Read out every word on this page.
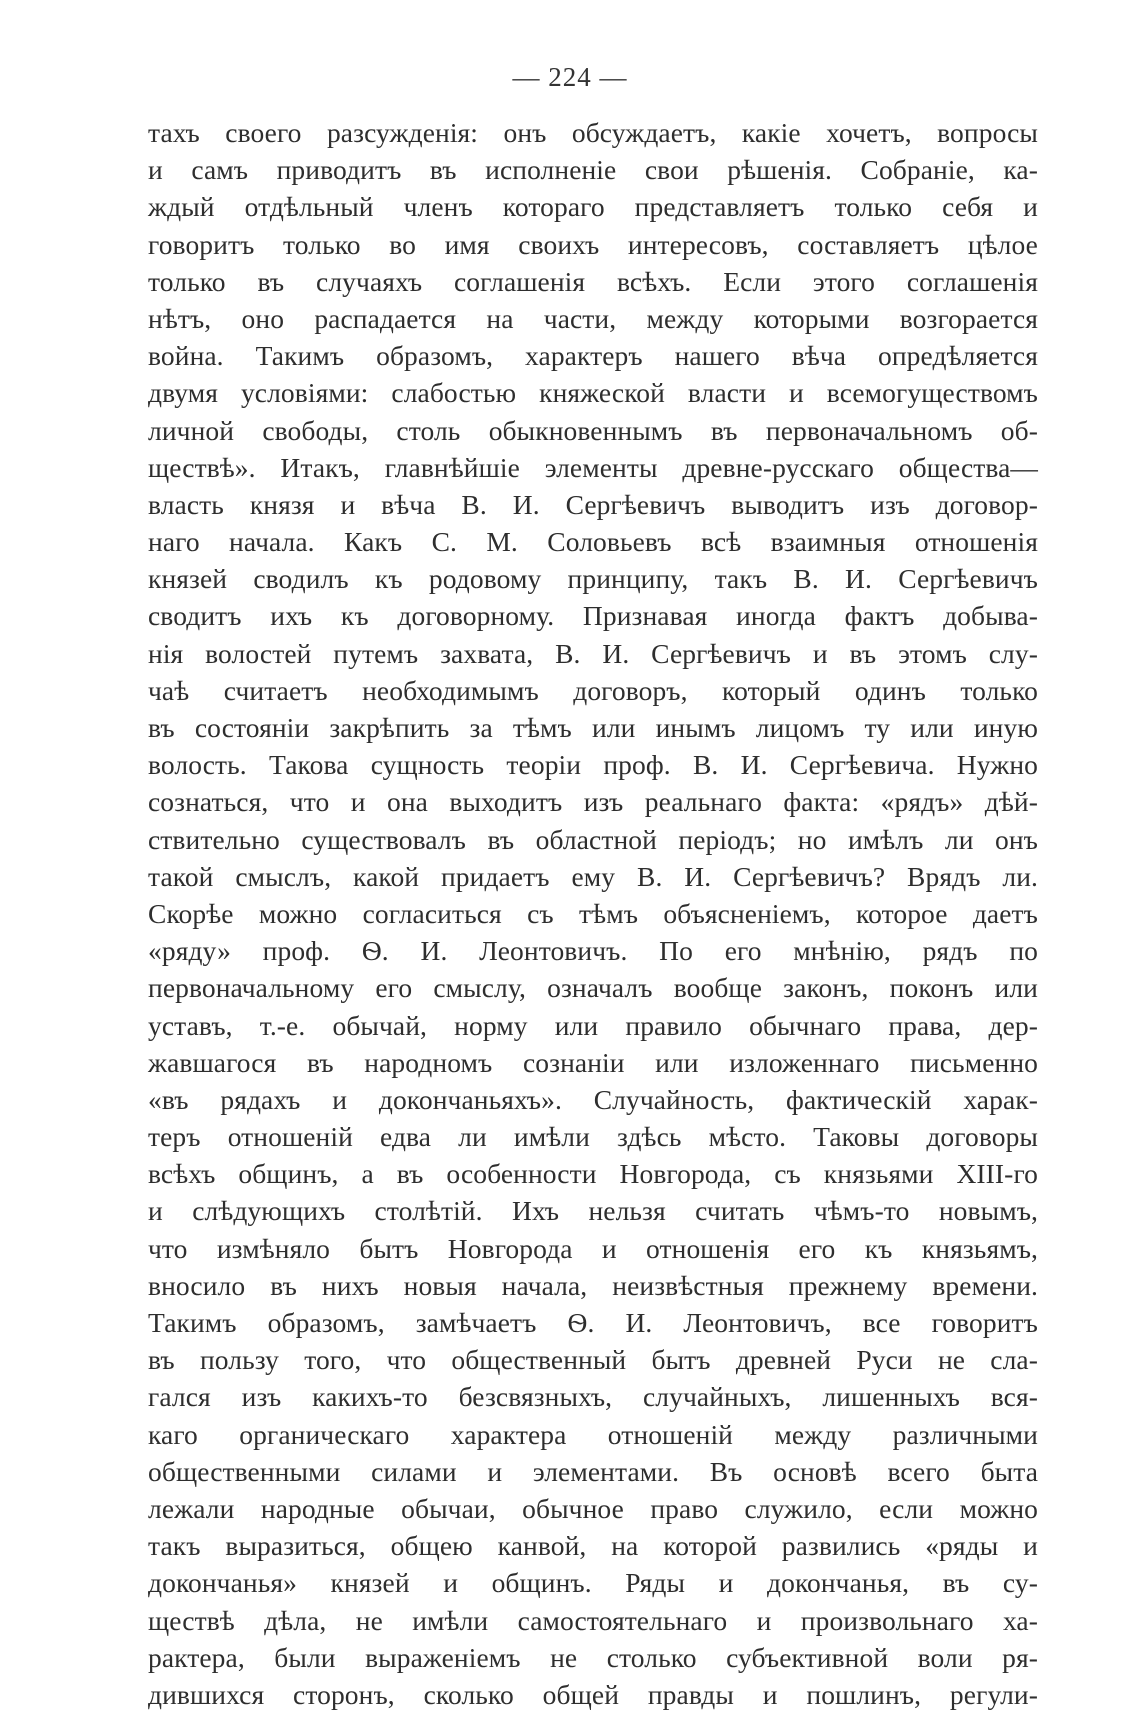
— 224 —
тахъ своего разсужденія: онъ обсуждаетъ, какіе хочетъ, вопросы
и самъ приводитъ въ исполненіе свои рѣшенія. Собраніе, ка-
ждый отдѣльный членъ котораго представляетъ только себя и
говоритъ только во имя своихъ интересовъ, составляетъ цѣлое
только въ случаяхъ соглашенія всѣхъ. Если этого соглашенія
нѣтъ, оно распадается на части, между которыми возгорается
война. Такимъ образомъ, характеръ нашего вѣча опредѣляется
двумя условіями: слабостью княжеской власти и всемогуществомъ
личной свободы, столь обыкновеннымъ въ первоначальномъ об-
ществѣ». Итакъ, главнѣйшіе элементы древне-русскаго общества—
власть князя и вѣча В. И. Сергѣевичъ выводитъ изъ договор-
наго начала. Какъ С. М. Соловьевъ всѣ взаимныя отношенія
князей сводилъ къ родовому принципу, такъ В. И. Сергѣевичъ
сводитъ ихъ къ договорному. Признавая иногда фактъ добыва-
нія волостей путемъ захвата, В. И. Сергѣевичъ и въ этомъ слу-
чаѣ считаетъ необходимымъ договоръ, который одинъ только
въ состояніи закрѣпить за тѣмъ или инымъ лицомъ ту или иную
волость. Такова сущность теоріи проф. В. И. Сергѣевича. Нужно
сознаться, что и она выходитъ изъ реальнаго факта: «рядъ» дѣй-
ствительно существовалъ въ областной періодъ; но имѣлъ ли онъ
такой смыслъ, какой придаетъ ему В. И. Сергѣевичъ? Врядъ ли.
Скорѣе можно согласиться съ тѣмъ объясненіемъ, которое даетъ
«ряду» проф. Ѳ. И. Леонтовичъ. По его мнѣнію, рядъ по
первоначальному его смыслу, означалъ вообще законъ, поконъ или
уставъ, т.-е. обычай, норму или правило обычнаго права, дер-
жавшагося въ народномъ сознаніи или изложеннаго письменно
«въ рядахъ и докончаньяхъ». Случайность, фактическій харак-
теръ отношеній едва ли имѣли здѣсь мѣсто. Таковы договоры
всѣхъ общинъ, а въ особенности Новгорода, съ князьями XIII-го
и слѣдующихъ столѣтій. Ихъ нельзя считать чѣмъ-то новымъ,
что измѣняло бытъ Новгорода и отношенія его къ князьямъ,
вносило въ нихъ новыя начала, неизвѣстныя прежнему времени.
Такимъ образомъ, замѣчаетъ Ѳ. И. Леонтовичъ, все говоритъ
въ пользу того, что общественный бытъ древней Руси не сла-
гался изъ какихъ-то безсвязныхъ, случайныхъ, лишенныхъ вся-
каго органическаго характера отношеній между различными
общественными силами и элементами. Въ основѣ всего быта
лежали народные обычаи, обычное право служило, если можно
такъ выразиться, общею канвой, на которой развились «ряды и
докончанья» князей и общинъ. Ряды и докончанья, въ су-
ществѣ дѣла, не имѣли самостоятельнаго и произвольнаго ха-
рактера, были выраженіемъ не столько субъективной воли ря-
дившихся сторонъ, сколько общей правды и пошлинъ, регули-
